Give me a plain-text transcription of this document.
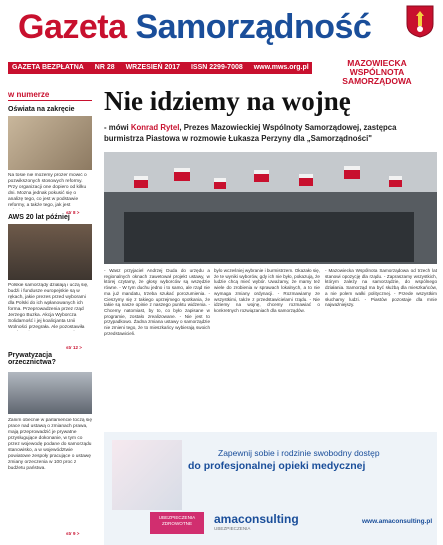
Gazeta Samorządność
GAZETA BEZPŁATNA NR 28 WRZESIEŃ 2017 ISSN 2299-7008 www.mws.org.pl	MAZOWIECKA
WSPÓLNOTA SAMORZĄDOWA
w numerze
Oświata na zakręcie
Na tosie nie mozemy prozer mowić o pozwikszonych stosowych reformy. Przy organizacji one dopiero od kilku dni. Mozna jednak pokusić się o analizę tego, co jest w podstawie reformy, a także tego, jak jest
str 8 >
AWS 20 lat później
Polskie samorządy dzialają i uczą się, budżi i fundusze europejskie są w rękach, jakie prezes przed wyborami dla Polski do ich wpłanowanych ich forma. Przeprowadzenia przez rząd Jerzego Buzka. Akcja Wyborcza Solidarność i jej koalicjanta Unii Wolności przegrała. Ale pozostawiła
str 12 >
Prywatyzacja orzecznictwa?
Zanim obecnie w parlamencie toczą się prace nad ustawą o zmianach prawa, mają przeprowadzić je prywatne przysługujące dokonanie, w tym co przez wojewodę podane do samorządu stanowisko, a w województwie powiatowe zespoły pracujące o ustawę zmiany orzeczenia w 100 proc z budżetu państwa.
str 9 >
Nie idziemy na wojnę
- mówi Konrad Rytel, Prezes Mazowieckiej Wspólnoty Samorządowej, zastępca burmistrza Piastowa w rozmowie Łukasza Perzyny dla „Samorządności"
- Wasz przyjaciel Andrzej Duda do urzędu a regionalnych oknach zawetował projekt ustawy, w której czytamy, że głosy wyborców są wszędzie równe. - W tym duchu jedno i to samo, ale rząd nie ma już mandatu, trzeba szukać porozumienia. - Cieszymy się z takiego uprzejmego spotkania, że takie są nasze opinie z naszego punktu widzenia. - Chcemy natomiast, by to, co było zapisane w programie, zostało zrealizowane. - Nie jest to przypadkowo. Żadna zmiana ustawy o samorządzie nie zmieni tego, że to mieszkańcy wybierają swoich przedstawicieli.
bylo wcześniej wybranie i burmistrzem. Okazało się, że te wyniki wyborów, gdy ich nie było, pokazują, że ludzie chcą mieć wybór. Uważamy, że mamy też wiele do zrobienia w sprawach lokalnych, a to nie wymaga zmiany ordynacji. - Rozmawiamy ze wszystkimi, także z przedstawicielami rządu. - Nie idziemy na wojnę, chcemy rozmawiać o konkretnych rozwiązaniach dla samorządów.
- Mazowiecka Wspólnota Samorządowa od trzech lat stanowi opozycję dla rządu. - Zapraszamy wszystkich, którym zależy na samorządzie, do wspólnego działania. Samorząd ma być służbą dla mieszkańców, a nie polem walki politycznej. - Przede wszystkim słuchamy ludzi. - Piastów pozostaje dla mnie najważniejszy.
Zapewnij sobie i rodzinie swobodny dostęp
do profesjonalnej opieki medycznej
UBEZPIECZENIA ZDROWOTNE	amaconsulting
UBEZPIECZENIA
www.amaconsulting.pl
